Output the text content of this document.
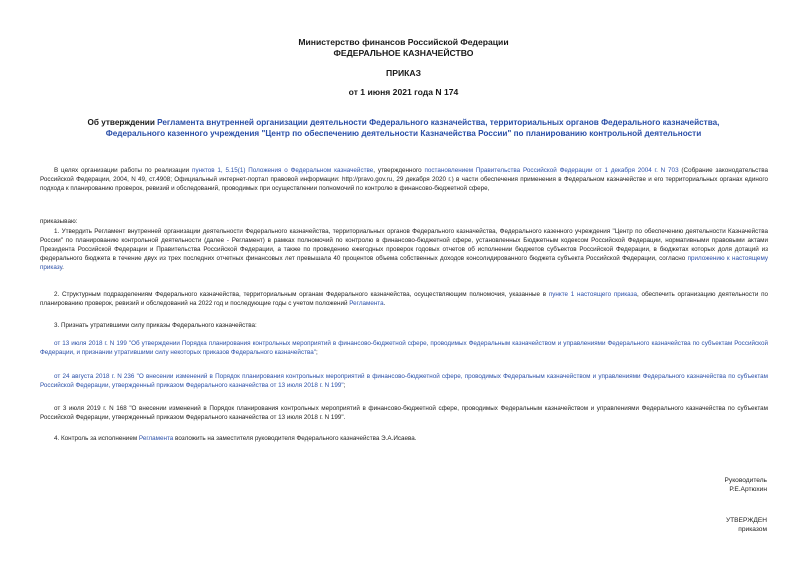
Министерство финансов Российской Федерации
ФЕДЕРАЛЬНОЕ КАЗНАЧЕЙСТВО
ПРИКАЗ
от 1 июня 2021 года N 174
Об утверждении Регламента внутренней организации деятельности Федерального казначейства, территориальных органов Федерального казначейства, Федерального казенного учреждения "Центр по обеспечению деятельности Казначейства России" по планированию контрольной деятельности
В целях организации работы по реализации пунктов 1, 5.15(1) Положения о Федеральном казначействе, утвержденного постановлением Правительства Российской Федерации от 1 декабря 2004 г. N 703 (Собрание законодательства Российской Федерации, 2004, N 49, ст.4908; Официальный интернет-портал правовой информации: http://pravo.gov.ru, 29 декабря 2020 г.) в части обеспечения применения в Федеральном казначействе и его территориальных органах единого подхода к планированию проверок, ревизий и обследований, проводимых при осуществлении полномочий по контролю в финансово-бюджетной сфере,
приказываю:
1. Утвердить Регламент внутренней организации деятельности Федерального казначейства, территориальных органов Федерального казначейства, Федерального казенного учреждения "Центр по обеспечению деятельности Казначейства России" по планированию контрольной деятельности (далее - Регламент) в рамках полномочий по контролю в финансово-бюджетной сфере, установленных Бюджетным кодексом Российской Федерации, нормативными правовыми актами Президента Российской Федерации и Правительства Российской Федерации, а также по проведению ежегодных проверок годовых отчетов об исполнении бюджетов субъектов Российской Федерации, в бюджетах которых доля дотаций из федерального бюджета в течение двух из трех последних отчетных финансовых лет превышала 40 процентов объема собственных доходов консолидированного бюджета субъекта Российской Федерации, согласно приложению к настоящему приказу.
2. Структурным подразделениям Федерального казначейства, территориальным органам Федерального казначейства, осуществляющим полномочия, указанные в пункте 1 настоящего приказа, обеспечить организацию деятельности по планированию проверок, ревизий и обследований на 2022 год и последующие годы с учетом положений Регламента.
3. Признать утратившими силу приказы Федерального казначейства:
от 13 июля 2018 г. N 199 "Об утверждении Порядка планирования контрольных мероприятий в финансово-бюджетной сфере, проводимых Федеральным казначейством и управлениями Федерального казначейства по субъектам Российской Федерации, и признании утратившими силу некоторых приказов Федерального казначейства";
от 24 августа 2018 г. N 236 "О внесении изменений в Порядок планирования контрольных мероприятий в финансово-бюджетной сфере, проводимых Федеральным казначейством и управлениями Федерального казначейства по субъектам Российской Федерации, утвержденный приказом Федерального казначейства от 13 июля 2018 г. N 199";
от 3 июля 2019 г. N 168 "О внесении изменений в Порядок планирования контрольных мероприятий в финансово-бюджетной сфере, проводимых Федеральным казначейством и управлениями Федерального казначейства по субъектам Российской Федерации, утвержденный приказом Федерального казначейства от 13 июля 2018 г. N 199".
4. Контроль за исполнением Регламента возложить на заместителя руководителя Федерального казначейства Э.А.Исаева.
Руководитель
Р.Е.Артюхин
УТВЕРЖДЕН
приказом
